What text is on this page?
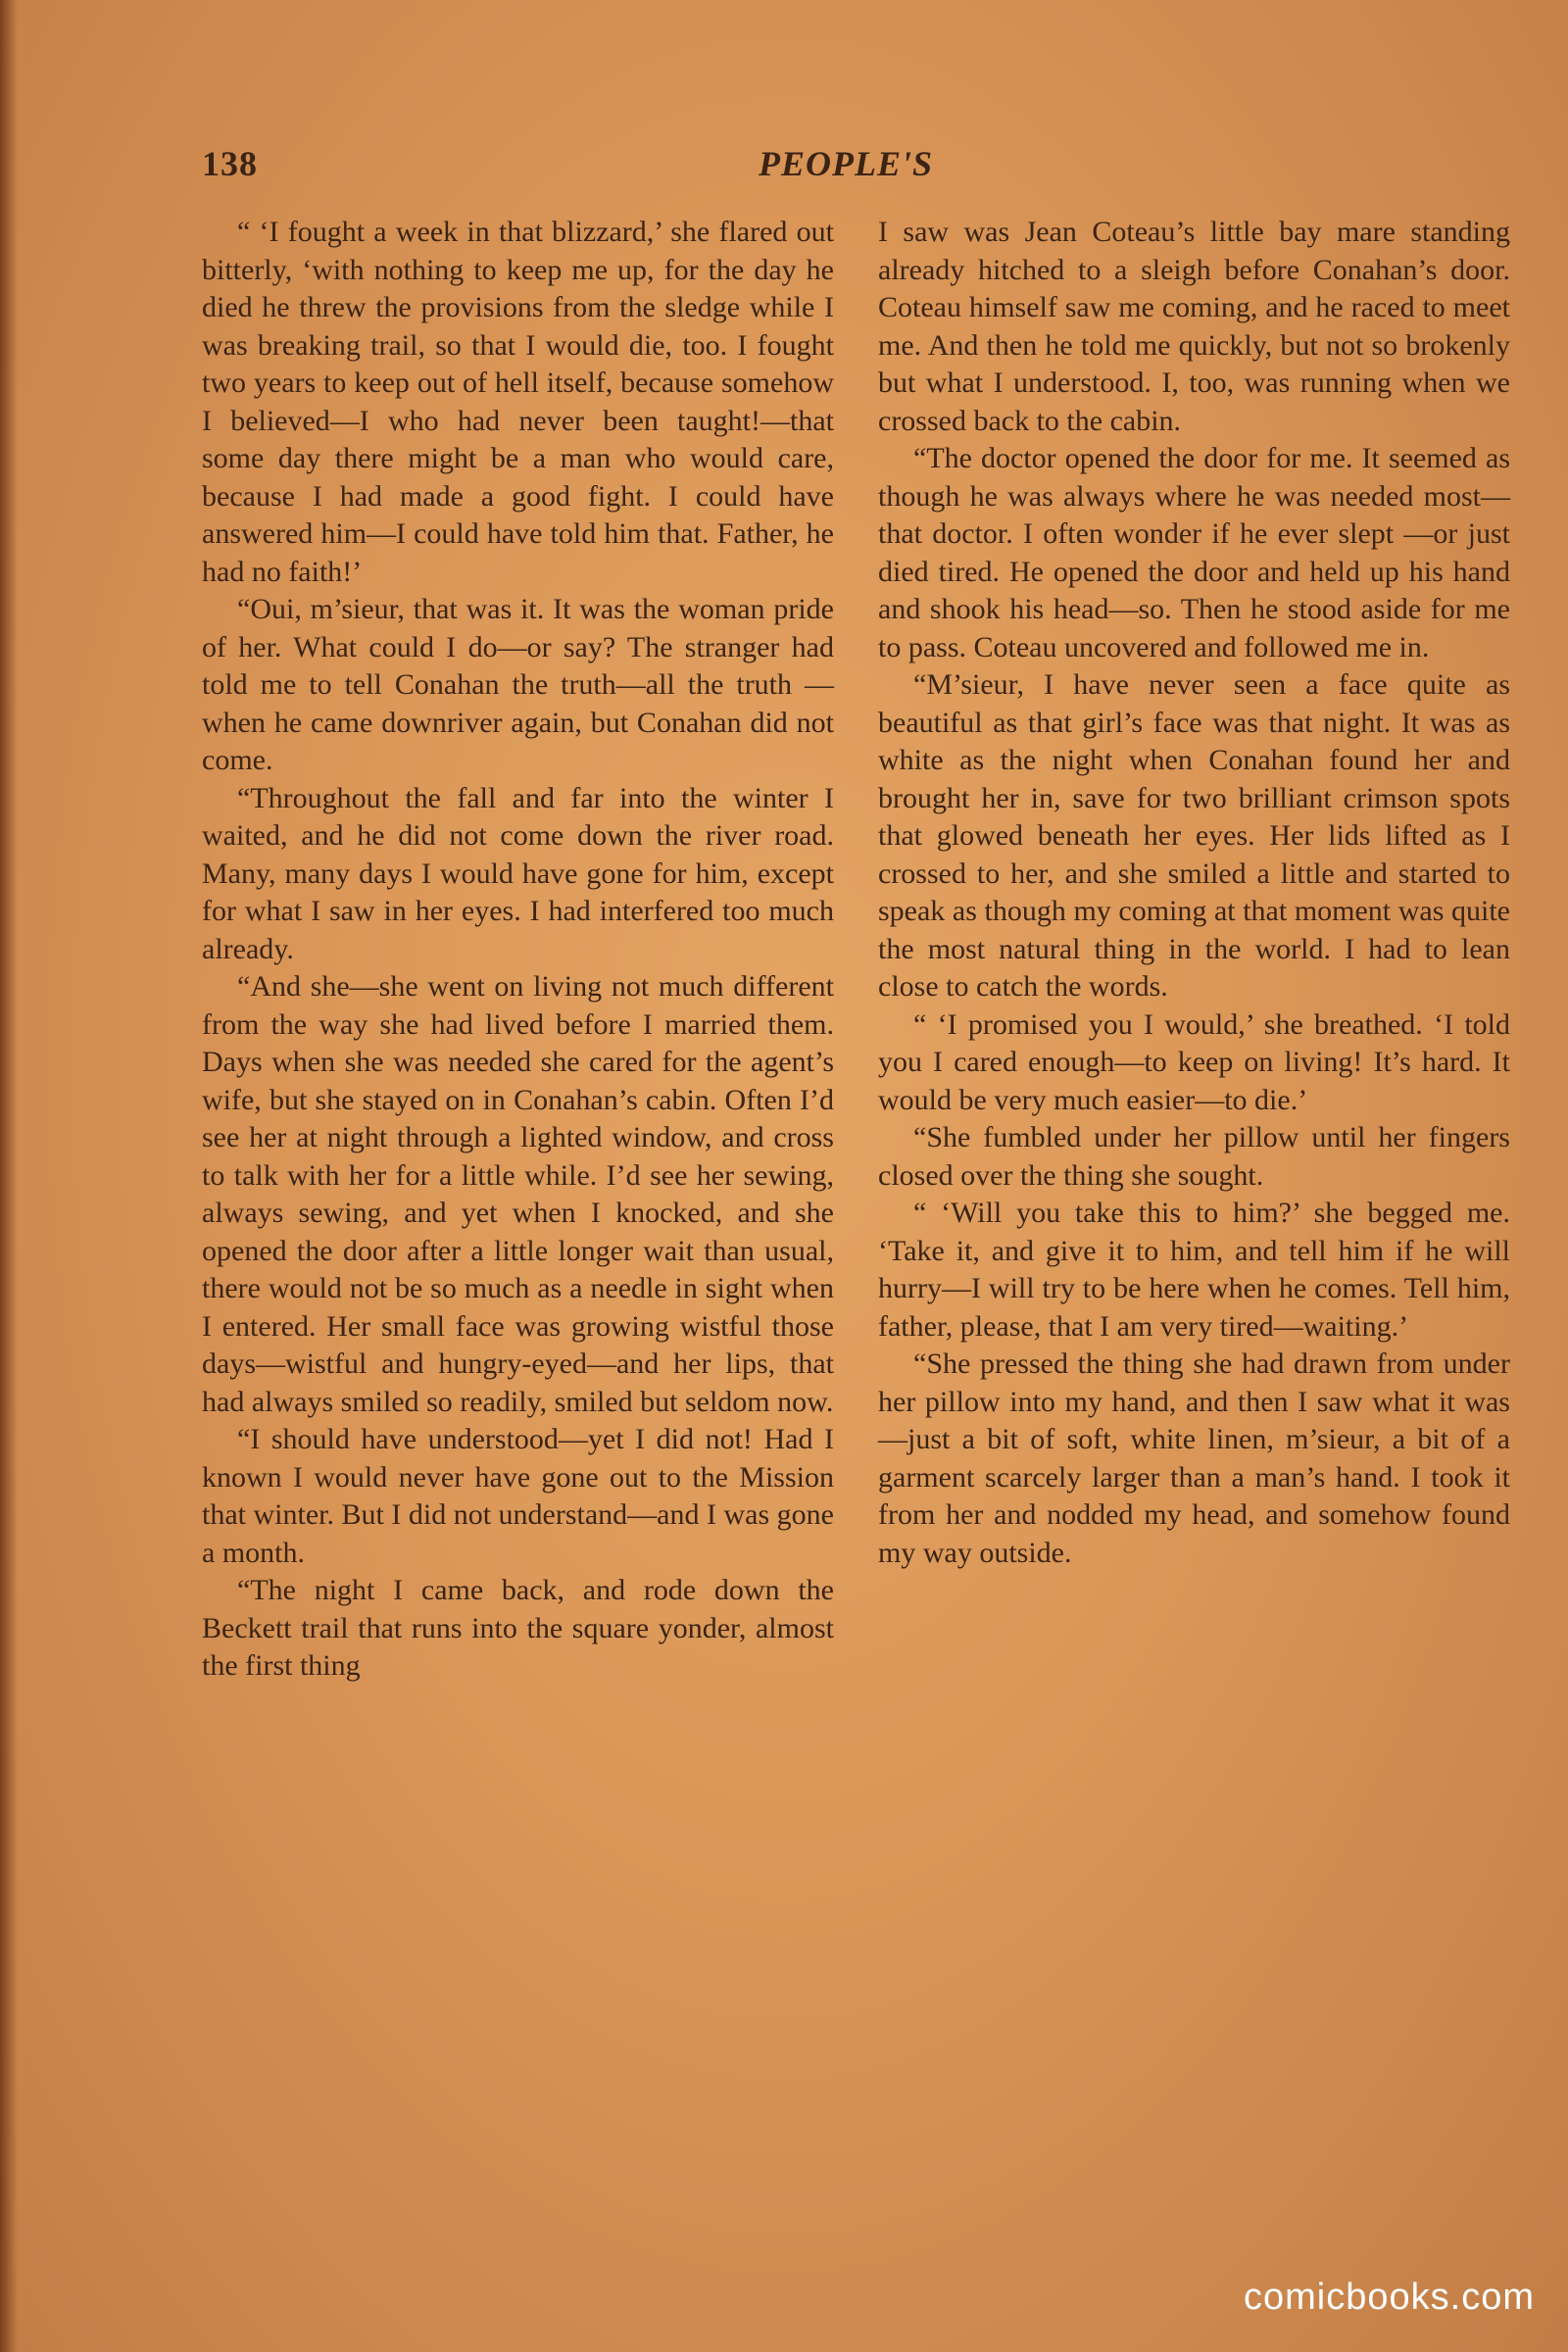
138	PEOPLE'S

“ ‘I fought a week in that blizzard,’ she flared out bitterly, ‘with nothing to keep me up, for the day he died he threw the provisions from the sledge while I was breaking trail, so that I would die, too. I fought two years to keep out of hell itself, because somehow I believed—I who had never been taught!—that some day there might be a man who would care, because I had made a good fight. I could have answered him—I could have told him that. Father, he had no faith!’

“Oui, m’sieur, that was it. It was the woman pride of her. What could I do—or say? The stranger had told me to tell Conahan the truth—all the truth —when he came downriver again, but Conahan did not come.

“Throughout the fall and far into the winter I waited, and he did not come down the river road. Many, many days I would have gone for him, except for what I saw in her eyes. I had interfered too much already.

“And she—she went on living not much different from the way she had lived before I married them. Days when she was needed she cared for the agent’s wife, but she stayed on in Conahan’s cabin. Often I’d see her at night through a lighted window, and cross to talk with her for a little while. I’d see her sewing, always sewing, and yet when I knocked, and she opened the door after a little longer wait than usual, there would not be so much as a needle in sight when I entered. Her small face was growing wistful those days—wistful and hungry-eyed—and her lips, that had always smiled so readily, smiled but seldom now.

“I should have understood—yet I did not! Had I known I would never have gone out to the Mission that winter. But I did not understand—and I was gone a month.

“The night I came back, and rode down the Beckett trail that runs into the square yonder, almost the first thing

I saw was Jean Coteau’s little bay mare standing already hitched to a sleigh before Conahan’s door. Coteau himself saw me coming, and he raced to meet me. And then he told me quickly, but not so brokenly but what I understood. I, too, was running when we crossed back to the cabin.

“The doctor opened the door for me. It seemed as though he was always where he was needed most—that doctor. I often wonder if he ever slept —or just died tired. He opened the door and held up his hand and shook his head—so. Then he stood aside for me to pass. Coteau uncovered and followed me in.

“M’sieur, I have never seen a face quite as beautiful as that girl’s face was that night. It was as white as the night when Conahan found her and brought her in, save for two brilliant crimson spots that glowed beneath her eyes. Her lids lifted as I crossed to her, and she smiled a little and started to speak as though my coming at that moment was quite the most natural thing in the world. I had to lean close to catch the words.

“ ‘I promised you I would,’ she breathed. ‘I told you I cared enough—to keep on living! It’s hard. It would be very much easier—to die.’

“She fumbled under her pillow until her fingers closed over the thing she sought.

“ ‘Will you take this to him?’ she begged me. ‘Take it, and give it to him, and tell him if he will hurry—I will try to be here when he comes. Tell him, father, please, that I am very tired—waiting.’

“She pressed the thing she had drawn from under her pillow into my hand, and then I saw what it was—just a bit of soft, white linen, m’sieur, a bit of a garment scarcely larger than a man’s hand. I took it from her and nodded my head, and somehow found my way outside.

comicbooks.com
